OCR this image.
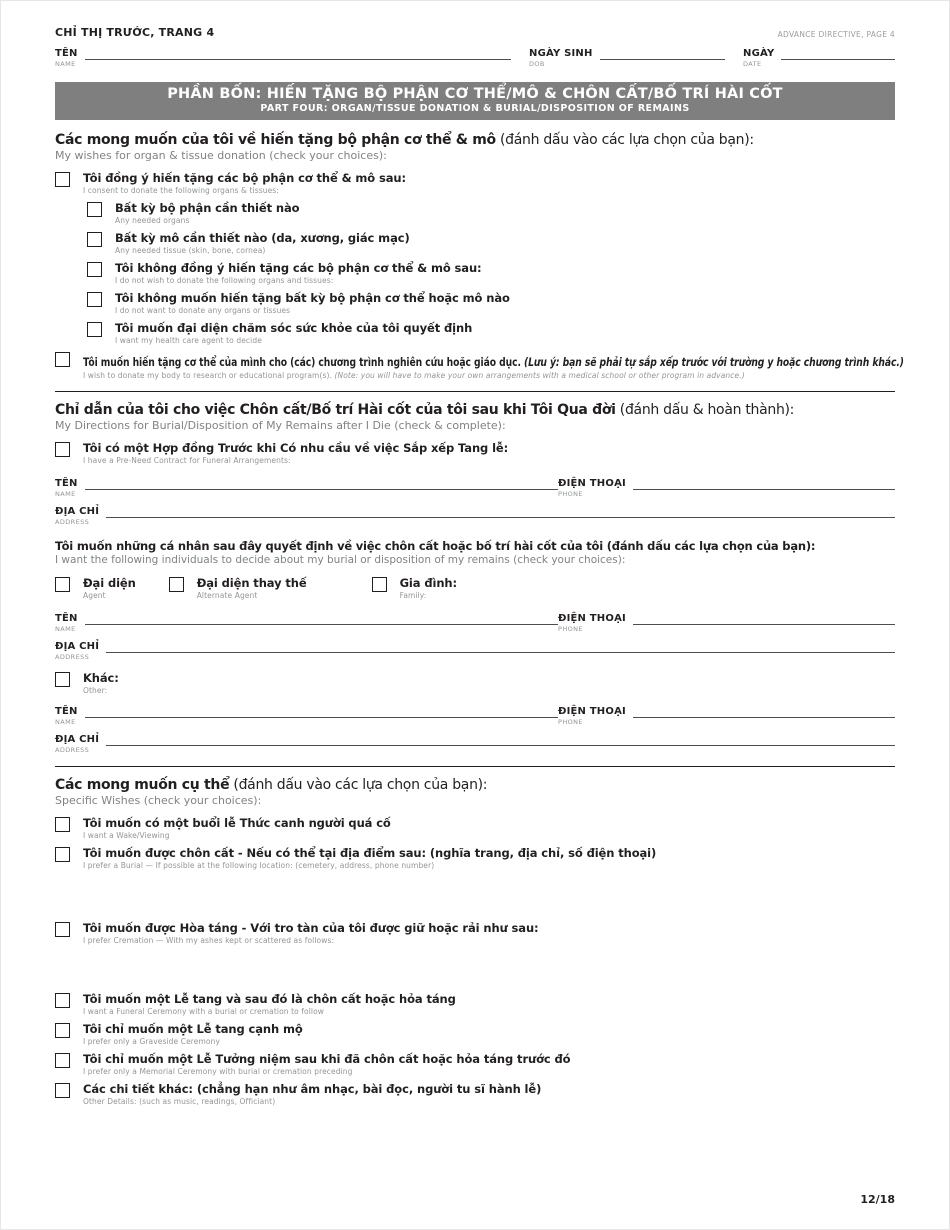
CHỈ THỊ TRƯỚC, TRANG 4	ADVANCE DIRECTIVE, PAGE 4
TÊN
NAME
NGÀY SINH
DOB
NGÀY
DATE
PHẦN BỐN: HIẾN TẶNG BỘ PHẬN CƠ THỂ/MÔ & CHÔN CẤT/BỐ TRÍ HÀI CỐT
PART FOUR: ORGAN/TISSUE DONATION & BURIAL/DISPOSITION OF REMAINS
Các mong muốn của tôi về hiến tặng bộ phận cơ thể & mô (đánh dấu vào các lựa chọn của bạn):
My wishes for organ & tissue donation (check your choices):
Tôi đồng ý hiến tặng các bộ phận cơ thể & mô sau:
I consent to donate the following organs & tissues:
Bất kỳ bộ phận cần thiết nào
Any needed organs
Bất kỳ mô cần thiết nào (da, xương, giác mạc)
Any needed tissue (skin, bone, cornea)
Tôi không đồng ý hiến tặng các bộ phận cơ thể & mô sau:
I do not wish to donate the following organs and tissues:
Tôi không muốn hiến tặng bất kỳ bộ phận cơ thể hoặc mô nào
I do not want to donate any organs or tissues
Tôi muốn đại diện chăm sóc sức khỏe của tôi quyết định
I want my health care agent to decide
Tôi muốn hiến tặng cơ thể của mình cho (các) chương trình nghiên cứu hoặc giáo dục. (Lưu ý: bạn sẽ phải tự sắp xếp trước với trường y hoặc chương trình khác.)
I wish to donate my body to research or educational program(s). (Note: you will have to make your own arrangements with a medical school or other program in advance.)
Chỉ dẫn của tôi cho việc Chôn cất/Bố trí Hài cốt của tôi sau khi Tôi Qua đời (đánh dấu & hoàn thành):
My Directions for Burial/Disposition of My Remains after I Die (check & complete):
Tôi có một Hợp đồng Trước khi Có nhu cầu về việc Sắp xếp Tang lễ:
I have a Pre-Need Contract for Funeral Arrangements:
TÊN
NAME
ĐIỆN THOẠI
PHONE
ĐỊA CHỈ
ADDRESS
Tôi muốn những cá nhân sau đây quyết định về việc chôn cất hoặc bố trí hài cốt của tôi (đánh dấu các lựa chọn của bạn):
I want the following individuals to decide about my burial or disposition of my remains (check your choices):
Đại diện
Agent
Đại diện thay thế
Alternate Agent
Gia đình:
Family:
TÊN
NAME
ĐIỆN THOẠI
PHONE
ĐỊA CHỈ
ADDRESS
Khác:
Other:
TÊN
NAME
ĐIỆN THOẠI
PHONE
ĐỊA CHỈ
ADDRESS
Các mong muốn cụ thể (đánh dấu vào các lựa chọn của bạn):
Specific Wishes (check your choices):
Tôi muốn có một buổi lễ Thức canh người quá cố
I want a Wake/Viewing
Tôi muốn được chôn cất - Nếu có thể tại địa điểm sau: (nghĩa trang, địa chỉ, số điện thoại)
I prefer a Burial — If possible at the following location: (cemetery, address, phone number)
Tôi muốn được Hòa táng - Với tro tàn của tôi được giữ hoặc rải như sau:
I prefer Cremation — With my ashes kept or scattered as follows:
Tôi muốn một Lễ tang và sau đó là chôn cất hoặc hỏa táng
I want a Funeral Ceremony with a burial or cremation to follow
Tôi chỉ muốn một Lễ tang cạnh mộ
I prefer only a Graveside Ceremony
Tôi chỉ muốn một Lễ Tưởng niệm sau khi đã chôn cất hoặc hỏa táng trước đó
I prefer only a Memorial Ceremony with burial or cremation preceding
Các chi tiết khác: (chẳng hạn như âm nhạc, bài đọc, người tu sĩ hành lễ)
Other Details: (such as music, readings, Officiant)
12/18
